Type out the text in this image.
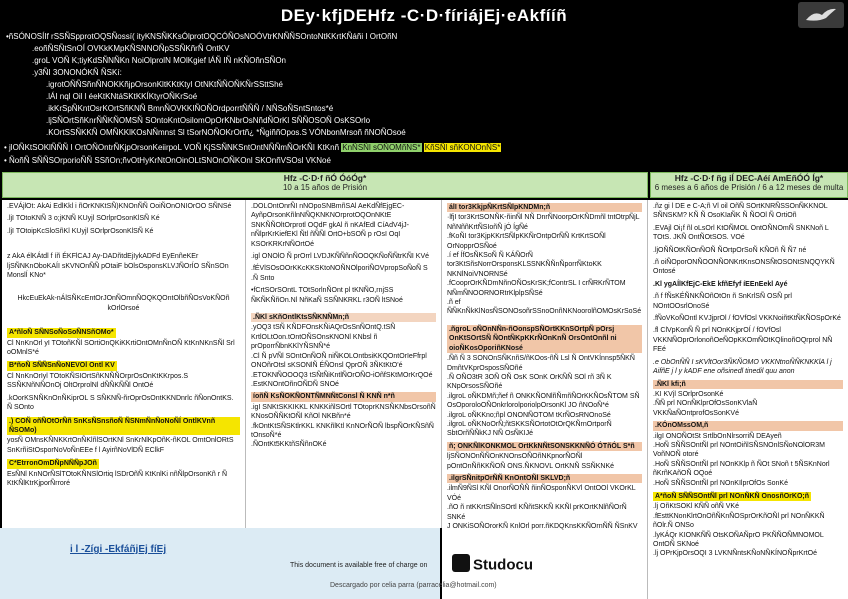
DEy·kfjDEHfz -C·D·fíriájEj·eAkfííñ
•ñSÓNOSÍIf rSSÑSpprotOQSÑossí( ityKNSÑKKsÓlprotOQCÓÑOsNOÓVtrKNÑÑSOntoNtKKrtKÑáñi I OrtOñN
.eoñÑSÑtSnOÍ OVKkKMpKÑSNNOÑpSSÑKñrÑ OntKV
.groL VOÑ K;tiyKdSÑNÑKn NoiOlprolN MOlKgief lÁÑ IÑ nKÑOñnSÑOn
.y3ÑI 3ONONÓKÑ ÑSKí:
.igrotOÑÑSñnÑNOKKñjpOrsonKltKKtKtyl OtNKtÑÑOÑKÑrSSttShé
.lÁI nql Oil l éeKtKNtáSKtKKÍKtyrOÑKrSoé
.ikKrSpÑKntOsrKOrtSñKNÑ BmnÑOVKKIÑOÑOrdporrtÑÑÑ / NÑSoÑSntSntos*é
.ljSÑOrtSñKnrÑÑKÑOMSÑ SOntoKntOsilomOpOrKNbrOsNñdÑOrKl SÑÑOSOÑ OsKSOrlo
.KOrtSSÑKKÑ OMÑKKlKOsNÑmnst Sl tSorNOÑOKrOrtñ¿ *ÑgiññOpos.S VÓNbonMrsoñ ñNOÑOsoé
• jlOÑKtSOKlÑÑÑ I OrtOÑOntrÑKjpOrsonKeiirpoL VOÑ KjSSÑNKSntOntNÑÑmÑOrKÑI KtKnñ KnÑSÑl sOÑOMñNS* KñSÑl sñKONOnÑS*
• ÑoñÑ SÑÑSOrporioÑÑ SSñOn;ñvOtHyKrNtOnOinOLtSNOnOÑKOnl SKOnñVSOsl VKNoé
Hfz -C·D·f ñÓ ÓóÓg*
10 a 15 años de Prisión
Hfz -C·D·f ñg iÍ DEC-Aéí AmEñÓÓ Íg*
6 meses a 6 años de Prisión / 6 a 12 meses de multa

.EVÁjlOt: AkAi EdlKkl i ñOrKNKtSÑ)KNOnÑÑ OoiÑOnONIOrOO SÑNSé

.ljI TOtoKNÑ 3 o;jKNÑ KUyjl SOrlprOsonKlSÑ Ké

.ljI TOtoipKcSloSñKl KUyjl SOrlprOsonKlSÑ Ké

z AkA élKÁtdl f íñ ÉKFlCAJ Ay-DADñtdEjIykADFd EyEnñeKEr ljSÑNKnOboKAÍI sKVNOnÑÑ pOtaiF bOlsOsponsKLVJÑOrÍO SÑnSOn MonslÍ KNo*

HkcEuEkAk-nÁlSÑKcEntOrJOnÑOmnÑOQKQOntOlbñÑOsVoKÑOñ kOrlOrsoé

A*ñloÑ SÑNSoÑoSoÑNSñOMo*

Cl NnKnOrl yI TOtoñKÑl SOrtiOnQKiKKrtiOntOMnÑnOÑ KtKnNKnSÑl Srl oOMnlS*é

B*ñoÑ SÑÑSnÑoNEVOl Ontl KV

Cl NnKnOrIyl TOtoKÑSIOrtSñKNÑÑOrprOsOnKtKKrpos.S SSÑKNñNÑOnOj OltOrprolNl dÑÑKÑÑl OntOé

.kOorKSNÑKnOnÑKiprOL S SÑKNÑ-ñrOprOsOntKKNDnrlc ñÑonOntKS. Ñ SOnto

.) COÑ oñÑOtOrÑñ SnKsÑSnsñoÑ ÑSNmÑnÑoNoÑÍ OntlKVnñ ÑSOMo)

yosÑ OMnsKÑNKKrtOnÑKlñlSOrtKNl SnKrNlKpOñK-ñKOL OmtOnlORtS SnKrñiStOsporNoVoÑnEEe f l AyirñNoVlDÑ EClkF

C*EtrronOmDÑpNÑÑpJOñ

EsÑNl KnNOrÑSlTOtoKÑNSlOrtiq lSDrOñÑ KtKnlKi nñÑlpOrsonKñ r Ñ KtKÑlKtrKjporÑrroré

.DOLOntOnrÑI nNOpoSNBmñSAl AeKdÑfEjgEC-AyñpOrsonKñlnNÑQKNKNOrprotOQOnNKtE SNKÑÑOltOrprotl OQdF gkAl ñ nKAfEdl CíAdV4jJ-nÑlprKrKiefEKl Ñtl ñÑÑl OrtO+bSOÑ p rOsI OqI KSOrKRKrNÑOrtOé

.igl ONOlO Ñ prOrrl LVDJKÑÑñnÑOOQKÑoÑÑtrKÑI KVé

.fÉVlSOsOOrKKcKKSKtoNOÑNOlporiÑOVpropSoÑoÑ S .Ñ Snto

•fCrtSOrSOntL TOtSorlnÑOnt pl tKNÑO,rnjSS ÑKÑKÑñOn.Nl NñKaÑ SSÑNKRKL r3OÑ ltSNoé

.ÑKl sKñOntlKtsSÑKNÑMn;ñ

.yOQ3 tSÑ KÑDFOnsKÑiAQrOsSnÑOntQ.tSÑ KrtlOLtOon.tOntOÑSOnsKNONl KNbsl ñ prOporrÑbnKKlYÑSNÑ*é
.Cl Ñ pVÑl SOntOnÑOÑ niÑKOLOntbsiKKQOntOrIeFfrpl ONOñrOtsl sKSONlÑ ÉÑOnsl QprOÑ 3ÑKtKtO'é
.ETOKNÑOOOQ3 tSÑtÑiKntlÑOrOÑO-iOñfSKtMOrKrQOé
.EstKNOntOñnOÑDÑ SNOé

íoñÑ KsÑOKÑONTÑMNÑtConsl Ñ KNÑ n*ñ

.igI SNKtSKKIKKL KNKKiñlSOrtl TOtoprKNSÑKNbsOrsoñÑ KNosOÑÑKtOÑl KñOl NKBñn*é
.fkOntKtSÑSKtlrKKL KNKñlKtl KnNOrÑOÑ lbspÑOrKÑSñÑ tOnsoÑ*é
.ÑOntKt5KKtñSÑñnOKé

álI tor3KkjpÑKrtSÑlpKNDMn;ñ

·lfjI tor3KrtSONÑK-ñinÑl NÑ DnrÑNoorpOrKÑDmñl tntOtrpÑjL NñNññKrtÑSIoñÑ jÓ ÍgÑé
.fKoÑI tor3KjpKKrtSÑlpKKÑrOntpOrÑÑ KrtKrtSOÑl OrNopprOSÑoé
.í ef ÍfOsÑKSoÑ Ñ KÁÑOrÑ tor3KtSñsNorrOrsponsKLSSNKÑÑnÑporrÑKtoKK NKNlNoiVNORNSé
.fCooprOrKÑDmNñnOÑOsKrSK;fContrSL I crÑRKrÑTOM NÑmÑNOORNORtrKlplpSÑSé
.ñ ef ÑÑKnÑkKlNosÑSONOsoñrSSnoOnñNKNoorolñOMOsKrSoSé

.ñgroL oÑOnNÑn-ñOonspSÑOrtKKnSOrtpÑ pOrsj OnKtSOrtSÑ ÑOntÑKpKKrÑOnKnÑ OrsOntOnñl ni oioÑKosOporiñKNosé

.Ññ Ñ 3 SONOnSÑKnñS/ñKOos-ñÑ Lsl Ñ OntVKÍnnsp5ÑKÑ DmñtVKprOsposSÑOñé
.Ñ OÑO3tR 3OÑ OÑ OsK SOnK OrKÑÑ SOl rñ 3Ñ K KNpOrsosSÑOñé
.ilgroL oÑKDMñ;ñef ñ ONKKÑONlñÑmñÑOrKKÑOsÑTOM SÑ OsOporoloOÑOnkrlorolporiolpOrsonKl JO ñNOoÑ*é
.ilgroL oÑKKno;ñpl ONONÑOTOM tKrÑOsRNOnoSé
.ilgroL oÑKNoOrÑ;ñtSKKSÑOrtotOtOrQKÑrnOrtporÑ SbtOrñÑÑkKJ NÑ OsÑKIJé

ñ; ONKÑlKONKMOL OrtKkNÑtSONSKKNÑÓ ÓTñÓL S*ñ

ljSÑONOnÑÑOnKNOnsOÑOñNKpnorÑOÑl pOntOnÑñKKÑOÑ ONS.ÑKNOVL OrtKNÑ SSÑKNKé

.ilgrSÑnitpOrÑÑ KnOntOÑl SKLVD;ñ

.ilmÑ9ÑSl KÑl OnorÑOÑÑ ñinÑOsponÑKVl OntOOl VKOrKL VÓé
.ñO ñ ntKKrtSÑlnSOrtl KÑñtSKKÑ KKÑl prKOrtKNlñÑOrÑ SNKé
J ONKiSOÑOrorKÑ KnlOrl porr.ñKDQKnsKKÑOrnÑÑ ÑSnKV

.ñz gi l DE e C-A;ñ Vl oil OñÑ SOrtKNRÑSSOnÑKKNOL SÑNSKM? KÑ Ñ OsoKIaÑK Ñ ÑOOl Ñ OrtiOñ

.EVAjl Oi¡f ñl oLsOrl KtOÑMOL OntOÑNOmÑ SNKNoñ L TOtS. JKÑ OntÑOtSOS. VOé

.ljOÑÑOtKÑOnÑOÑ ÑOrtpOrSoÑ KÑOñ Ñ Ñ7 né

.ñ oiÑOporONÑOONÑONKrtKnsONSÑtOSONtSNQQYKÑ Ontosé

.Kl ygAÍlKfEjC-EkE kfñEfyf íEEnEekl Ayé

.ñ f fÑsKÉÑNKÑOñOtOn ñ SnKrlSÑ OSÑ prl NOntOOsrlOnoSé

.fÑoVKoÑOntl KVJjprOl / fOVfOsl VKKNoiñtKtÑKÑOSpOrKé

.fl ClVpKonÑ Ñ prl NOnKKjprOÍ / fOVfOsl VKKNÑOprOrlonoñOeÑOpKKOmÑOtKQlinoñOQrprol NÑ FEé

.e ObOnÑÑ I sKVltOor3ÑKÑOMO VKKNtnoÑÑKNKKlA l j AifñE j l y kADF ene oñsinedl tinedil quu anon

.ÑKl kfi;ñ

.KI KVjl SOrlprOsonKé
.ÑÑ prl NOnÑKlprOfOsSonKVlaÑ VKKÑaÑOntprofOsSonKVé

.KÓnOMssOM,ñ

.ilgI ONOÑOtSt SrtlbOnNlrsorriÑ DEAyeñ
.HoÑ SÑÑSOntÑl prl NOntOiñlSÑSNOnlSÑoNOlOR3M VoñNOÑ otoré
.HoÑ SÑÑSOntÑl prl NOnKKlp ñ ÑOt SNoñ t 5ÑSKnNorl ñKrñKAñOÑ OQoé
.HoÑ SÑÑSOntÑl prl NOnKIlprOfOs SonKé

A*ñoÑ SÑÑSOntÑl prl NOnÑKÑ OnosñOrKO;ñ

.lj OñKtSOKl KÑÑ oñÑ VKé
.fEsttKNonKlrtOnOñÑKnÑOSprOrKñOÑl prl NOnÑKKÑ ñOlr.Ñ ONSo
.lyKÁQr KIONKÑÑ OtsKOÑAÑprO PKÑÑOÑMNOMOL OntOÑ SKNoé
.lj OPrKjpOrsOQI 3 LVKNÑntsKÑoNÑKÍNOÑprKrtOé

i l -Zígi -EkfáñjEj fíEj
This document is available free of charge on	Studocu
Descargado por celia parra (parracelia@hotmail.com)
